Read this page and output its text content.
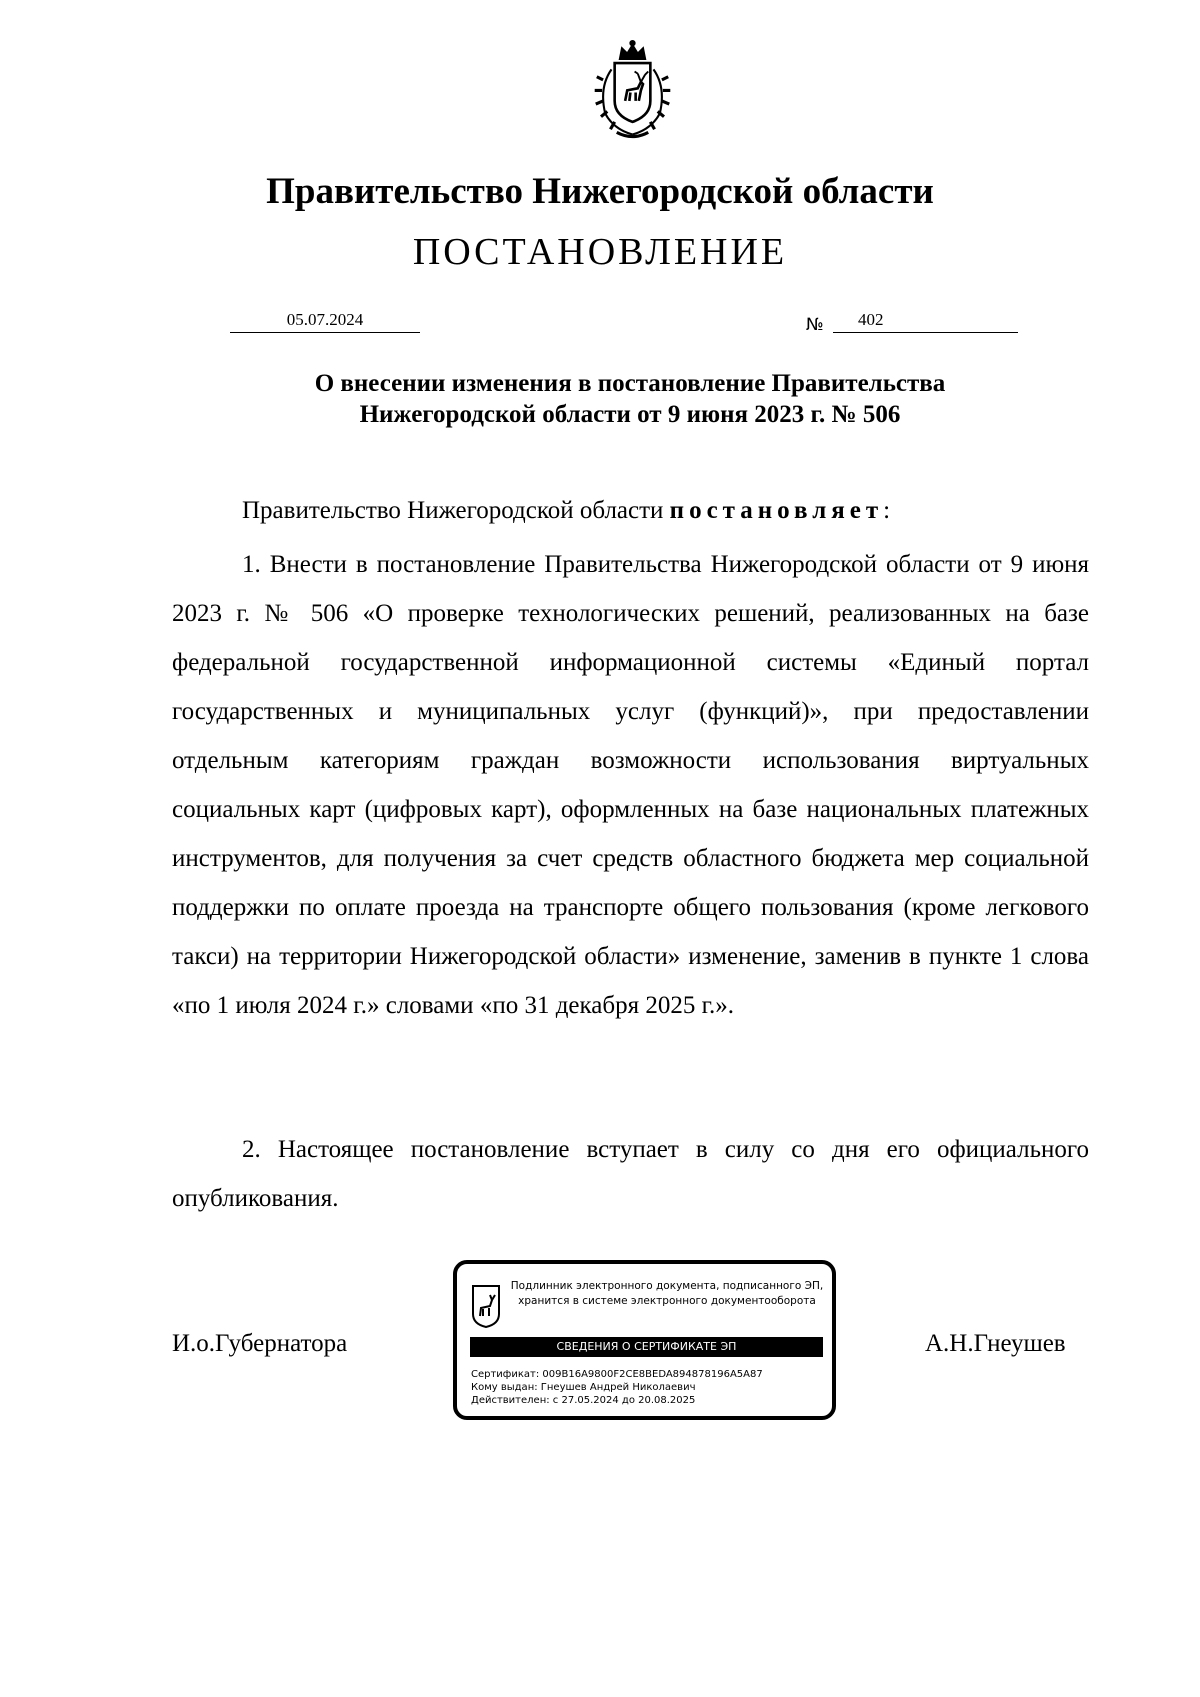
Правительство Нижегородской области
ПОСТАНОВЛЕНИЕ
05.07.2024	№	402
О внесении изменения в постановление Правительства
Нижегородской области от 9 июня 2023 г. № 506
Правительство Нижегородской области постановляет:
1. Внести в постановление Правительства Нижегородской области от 9 июня 2023 г. № 506 «О проверке технологических решений, реализованных на базе федеральной государственной информационной системы «Единый портал государственных и муниципальных услуг (функций)», при предоставлении отдельным категориям граждан возможности использования виртуальных социальных карт (цифровых карт), оформленных на базе национальных платежных инструментов, для получения за счет средств областного бюджета мер социальной поддержки по оплате проезда на транспорте общего пользования (кроме легкового такси) на территории Нижегородской области» изменение, заменив в пункте 1 слова «по 1 июля 2024 г.» словами «по 31 декабря 2025 г.».
2. Настоящее постановление вступает в силу со дня его официального опубликования.
И.о.Губернатора	А.Н.Гнеушев
Подлинник электронного документа, подписанного ЭП,
хранится в системе электронного документооборота
СВЕДЕНИЯ О СЕРТИФИКАТЕ ЭП
Сертификат: 009B16A9800F2CE8BEDA894878196A5A87
Кому выдан: Гнеушев Андрей Николаевич
Действителен: с 27.05.2024 до 20.08.2025
